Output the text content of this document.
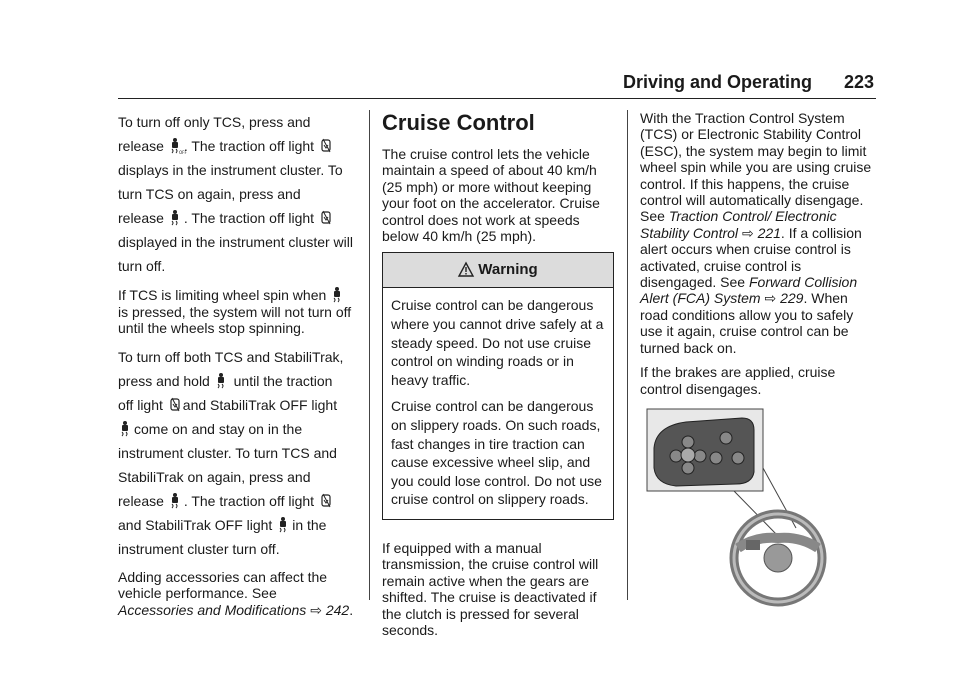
Driving and Operating 223

To turn off only TCS, press and
release	OFF
. The traction off light

displays in the instrument cluster. To turn TCS on again, press and
release . The traction off light

displayed in the instrument cluster will turn off.

If TCS is limiting wheel spin when

is pressed, the system will not turn off until the wheels stop spinning.

To turn off both TCS and StabiliTrak,
press and hold until the traction
off light and StabiliTrak OFF light

come on and stay on in the instrument cluster. To turn TCS and StabiliTrak on again, press and
release . The traction off light

and StabiliTrak OFF light in the
instrument cluster turn off.

Adding accessories can affect the vehicle performance. See
Accessories and Modifications ⇨ 242.

Cruise Control

The cruise control lets the vehicle maintain a speed of about 40 km/h (25 mph) or more without keeping your foot on the accelerator. Cruise control does not work at speeds below 40 km/h (25 mph).

Warning

Cruise control can be dangerous where you cannot drive safely at a steady speed. Do not use cruise control on winding roads or in heavy traffic.

Cruise control can be dangerous on slippery roads. On such roads, fast changes in tire traction can cause excessive wheel slip, and you could lose control. Do not use cruise control on slippery roads.

If equipped with a manual transmission, the cruise control will remain active when the gears are shifted. The cruise is deactivated if the clutch is pressed for several seconds.

With the Traction Control System (TCS) or Electronic Stability Control (ESC), the system may begin to limit wheel spin while you are using cruise control. If this happens, the cruise control will automatically disengage. See Traction Control/ Electronic Stability Control ⇨ 221. If a collision alert occurs when cruise control is activated, cruise control is disengaged. See Forward Collision Alert (FCA) System ⇨ 229. When road conditions allow you to safely use it again, cruise control can be turned back on.

If the brakes are applied, cruise control disengages.
